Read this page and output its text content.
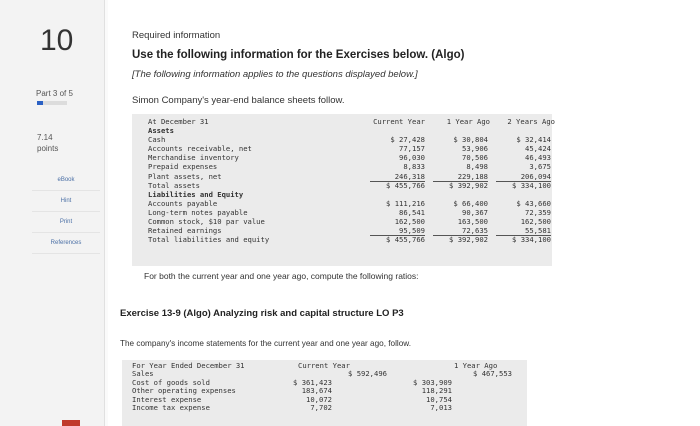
10
Part 3 of 5
7.14
points
eBook
Hint
Print
References
Required information
Use the following information for the Exercises below. (Algo)
[The following information applies to the questions displayed below.]
Simon Company's year-end balance sheets follow.
At December 31	Current Year	1 Year Ago	2 Years Ago
Assets
Cash	$ 27,428	$ 30,804	$ 32,414
Accounts receivable, net	77,157	53,906	45,424
Merchandise inventory	96,030	70,506	46,493
Prepaid expenses	8,833	8,498	3,675
Plant assets, net	246,318	229,188	206,094
Total assets	$ 455,766	$ 392,902	$ 334,100
Liabilities and Equity
Accounts payable	$ 111,216	$ 66,400	$ 43,660
Long-term notes payable	86,541	90,367	72,359
Common stock, $10 par value	162,500	163,500	162,500
Retained earnings	95,509	72,635	55,581
Total liabilities and equity	$ 455,766	$ 392,902	$ 334,100
For both the current year and one year ago, compute the following ratios:
Exercise 13-9 (Algo) Analyzing risk and capital structure LO P3
The company's income statements for the current year and one year ago, follow.
For Year Ended December 31	Current Year	1 Year Ago
Sales	$ 592,496	$ 467,553
Cost of goods sold	$ 361,423	$ 303,909
Other operating expenses	183,674	118,291
Interest expense	10,072	10,754
Income tax expense	7,702	7,013
